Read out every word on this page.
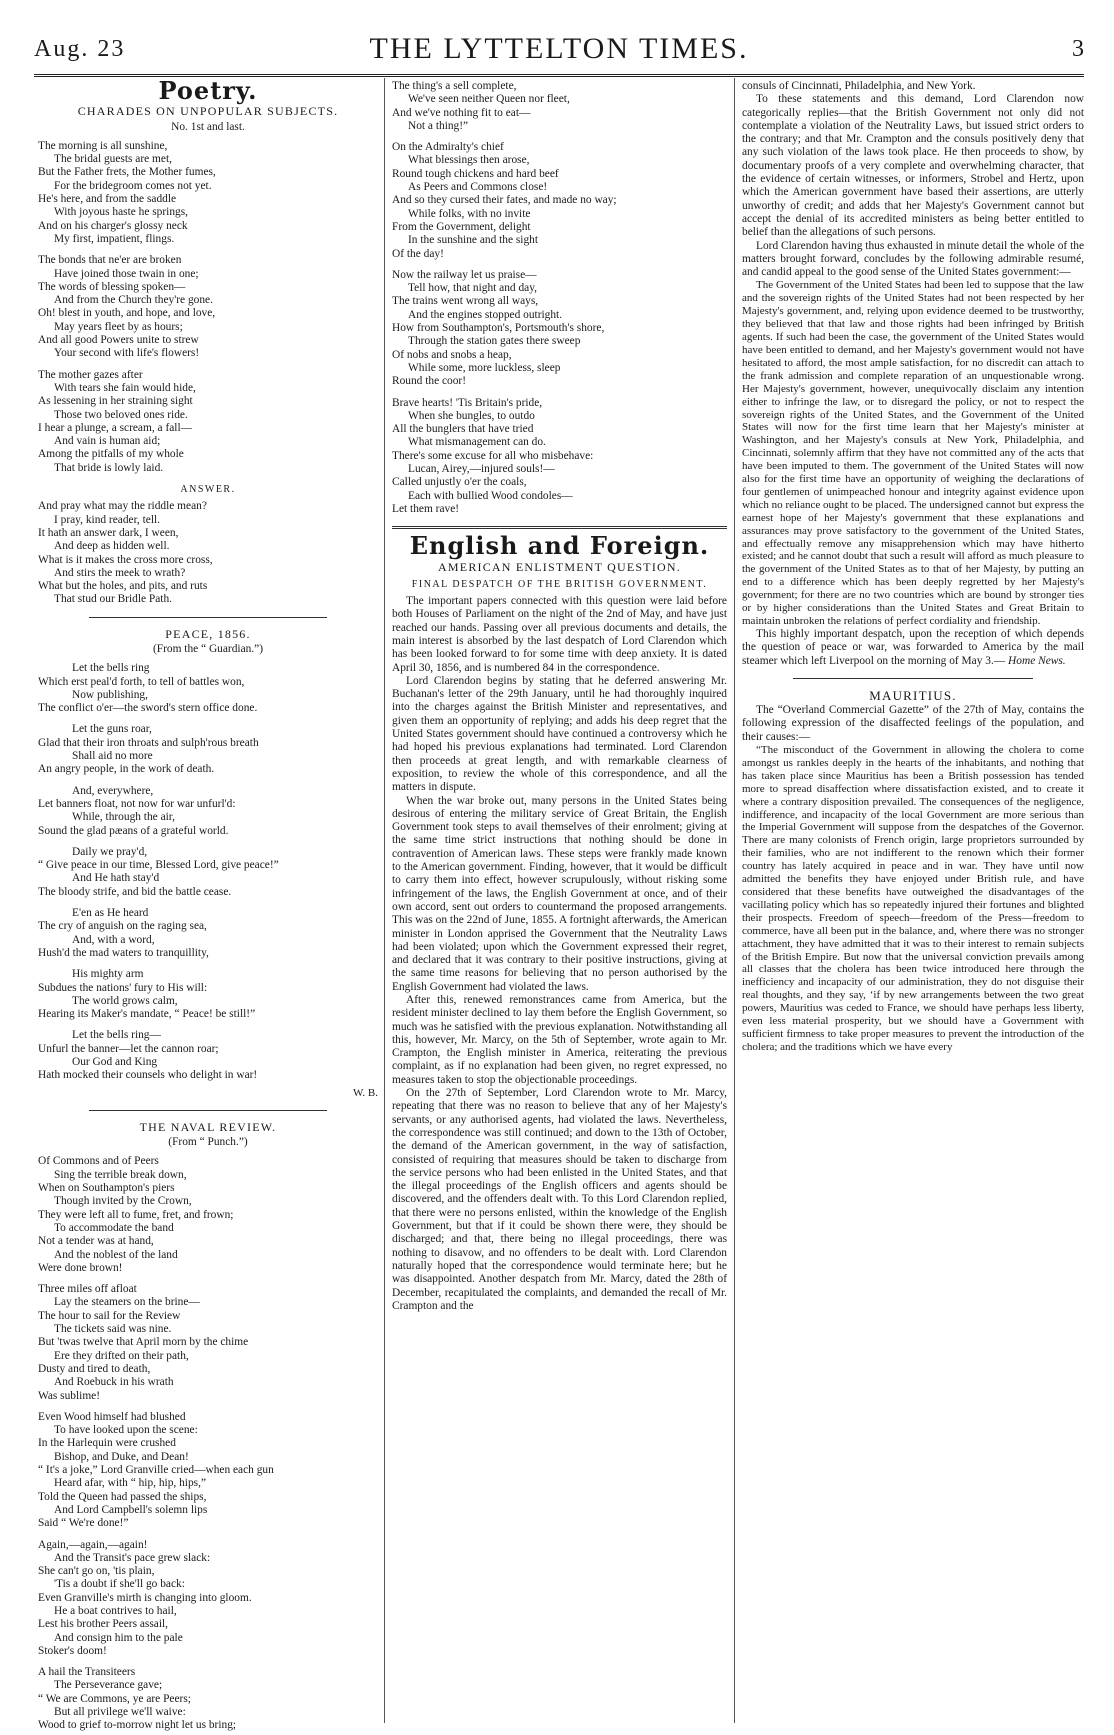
Aug. 23	THE LYTTELTON TIMES.	3
Poetry.
CHARADES ON UNPOPULAR SUBJECTS.
No. 1st and last.
The morning is all sunshine,
The bridal guests are met,
But the Father frets, the Mother fumes,
For the bridegroom comes not yet.
He's here, and from the saddle
With joyous haste he springs,
And on his charger's glossy neck
My first, impatient, flings.
The bonds that ne'er are broken
Have joined those twain in one;
The words of blessing spoken—
And from the Church they're gone.
Oh! blest in youth, and hope, and love,
May years fleet by as hours;
And all good Powers unite to strew
Your second with life's flowers!
The mother gazes after
With tears she fain would hide,
As lessening in her straining sight
Those two beloved ones ride.
I hear a plunge, a scream, a fall—
And vain is human aid;
Among the pitfalls of my whole
That bride is lowly laid.
ANSWER.
And pray what may the riddle mean?
I pray, kind reader, tell.
It hath an answer dark, I ween,
And deep as hidden well.
What is it makes the cross more cross,
And stirs the meek to wrath?
What but the holes, and pits, and ruts
That stud our Bridle Path.
PEACE, 1856.
(From the “ Guardian.”)
Let the bells ring
Which erst peal'd forth, to tell of battles won,
Now publishing,
The conflict o'er—the sword's stern office done.
Let the guns roar,
Glad that their iron throats and sulph'rous breath
Shall aid no more
An angry people, in the work of death.
And, everywhere,
Let banners float, not now for war unfurl'd:
While, through the air,
Sound the glad pæans of a grateful world.
Daily we pray'd,
“ Give peace in our time, Blessed Lord, give peace!”
And He hath stay'd
The bloody strife, and bid the battle cease.
E'en as He heard
The cry of anguish on the raging sea,
And, with a word,
Hush'd the mad waters to tranquillity,
His mighty arm
Subdues the nations' fury to His will:
The world grows calm,
Hearing its Maker's mandate, “ Peace! be still!”
Let the bells ring—
Unfurl the banner—let the cannon roar;
Our God and King
Hath mocked their counsels who delight in war!
W. B.
THE NAVAL REVIEW.
(From “ Punch.”)
Of Commons and of Peers
Sing the terrible break down,
When on Southampton's piers
Though invited by the Crown,
They were left all to fume, fret, and frown;
To accommodate the band
Not a tender was at hand,
And the noblest of the land
Were done brown!
Three miles off afloat
Lay the steamers on the brine—
The hour to sail for the Review
The tickets said was nine.
But 'twas twelve that April morn by the chime
Ere they drifted on their path,
Dusty and tired to death,
And Roebuck in his wrath
Was sublime!
Even Wood himself had blushed
To have looked upon the scene:
In the Harlequin were crushed
Bishop, and Duke, and Dean!
“ It's a joke,” Lord Granville cried—when each gun
Heard afar, with “ hip, hip, hips,”
Told the Queen had passed the ships,
And Lord Campbell's solemn lips
Said “ We're done!”
Again,—again,—again!
And the Transit's pace grew slack:
She can't go on, 'tis plain,
'Tis a doubt if she'll go back:
Even Granville's mirth is changing into gloom.
He a boat contrives to hail,
Lest his brother Peers assail,
And consign him to the pale
Stoker's doom!
A hail the Transiteers
The Perseverance gave;
“ We are Commons, ye are Peers;
But all privilege we'll waive:
Wood to grief to-morrow night let us bring;
The thing's a sell complete,
We've seen neither Queen nor fleet,
And we've nothing fit to eat—
Not a thing!”
On the Admiralty's chief
What blessings then arose,
Round tough chickens and hard beef
As Peers and Commons close!
And so they cursed their fates, and made no way;
While folks, with no invite
From the Government, delight
In the sunshine and the sight
Of the day!
Now the railway let us praise—
Tell how, that night and day,
The trains went wrong all ways,
And the engines stopped outright.
How from Southampton's, Portsmouth's shore,
Through the station gates there sweep
Of nobs and snobs a heap,
While some, more luckless, sleep
Round the coor!
Brave hearts! 'Tis Britain's pride,
When she bungles, to outdo
All the bunglers that have tried
What mismanagement can do.
There's some excuse for all who misbehave:
Lucan, Airey,—injured souls!—
Called unjustly o'er the coals,
Each with bullied Wood condoles—
Let them rave!
English and Foreign.
AMERICAN ENLISTMENT QUESTION.
FINAL DESPATCH OF THE BRITISH GOVERNMENT.

The important papers connected with this question were laid before both Houses of Parliament on the night of the 2nd of May, and have just reached our hands. Passing over all previous documents and details, the main interest is absorbed by the last despatch of Lord Clarendon which has been looked forward to for some time with deep anxiety. It is dated April 30, 1856, and is numbered 84 in the correspondence.

Lord Clarendon begins by stating that he deferred answering Mr. Buchanan's letter of the 29th January, until he had thoroughly inquired into the charges against the British Minister and representatives, and given them an opportunity of replying; and adds his deep regret that the United States government should have continued a controversy which he had hoped his previous explanations had terminated. Lord Clarendon then proceeds at great length, and with remarkable clearness of exposition, to review the whole of this correspondence, and all the matters in dispute.

When the war broke out, many persons in the United States being desirous of entering the military service of Great Britain, the English Government took steps to avail themselves of their enrolment; giving at the same time strict instructions that nothing should be done in contravention of American laws. These steps were frankly made known to the American government. Finding, however, that it would be difficult to carry them into effect, however scrupulously, without risking some infringement of the laws, the English Government at once, and of their own accord, sent out orders to countermand the proposed arrangements. This was on the 22nd of June, 1855. A fortnight afterwards, the American minister in London apprised the Government that the Neutrality Laws had been violated; upon which the Government expressed their regret, and declared that it was contrary to their positive instructions, giving at the same time reasons for believing that no person authorised by the English Government had violated the laws.

After this, renewed remonstrances came from America, but the resident minister declined to lay them before the English Government, so much was he satisfied with the previous explanation. Notwithstanding all this, however, Mr. Marcy, on the 5th of September, wrote again to Mr. Crampton, the English minister in America, reiterating the previous complaint, as if no explanation had been given, no regret expressed, no measures taken to stop the objectionable proceedings.

On the 27th of September, Lord Clarendon wrote to Mr. Marcy, repeating that there was no reason to believe that any of her Majesty's servants, or any authorised agents, had violated the laws. Nevertheless, the correspondence was still continued; and down to the 13th of October, the demand of the American government, in the way of satisfaction, consisted of requiring that measures should be taken to discharge from the service persons who had been enlisted in the United States, and that the illegal proceedings of the English officers and agents should be discovered, and the offenders dealt with. To this Lord Clarendon replied, that there were no persons enlisted, within the knowledge of the English Government, but that if it could be shown there were, they should be discharged; and that, there being no illegal proceedings, there was nothing to disavow, and no offenders to be dealt with. Lord Clarendon naturally hoped that the correspondence would terminate here; but he was disappointed. Another despatch from Mr. Marcy, dated the 28th of December, recapitulated the complaints, and demanded the recall of Mr. Crampton and the

consuls of Cincinnati, Philadelphia, and New York.

To these statements and this demand, Lord Clarendon now categorically replies—that the British Government not only did not contemplate a violation of the Neutrality Laws, but issued strict orders to the contrary; and that Mr. Crampton and the consuls positively deny that any such violation of the laws took place. He then proceeds to show, by documentary proofs of a very complete and overwhelming character, that the evidence of certain witnesses, or informers, Strobel and Hertz, upon which the American government have based their assertions, are utterly unworthy of credit; and adds that her Majesty's Government cannot but accept the denial of its accredited ministers as being better entitled to belief than the allegations of such persons.

Lord Clarendon having thus exhausted in minute detail the whole of the matters brought forward, concludes by the following admirable resumé, and candid appeal to the good sense of the United States government:—

The Government of the United States had been led to suppose that the law and the sovereign rights of the United States had not been respected by her Majesty's government, and, relying upon evidence deemed to be trustworthy, they believed that that law and those rights had been infringed by British agents. If such had been the case, the government of the United States would have been entitled to demand, and her Majesty's government would not have hesitated to afford, the most ample satisfaction, for no discredit can attach to the frank admission and complete reparation of an unquestionable wrong. Her Majesty's government, however, unequivocally disclaim any intention either to infringe the law, or to disregard the policy, or not to respect the sovereign rights of the United States, and the Government of the United States will now for the first time learn that her Majesty's minister at Washington, and her Majesty's consuls at New York, Philadelphia, and Cincinnati, solemnly affirm that they have not committed any of the acts that have been imputed to them. The government of the United States will now also for the first time have an opportunity of weighing the declarations of four gentlemen of unimpeached honour and integrity against evidence upon which no reliance ought to be placed. The undersigned cannot but express the earnest hope of her Majesty's government that these explanations and assurances may prove satisfactory to the government of the United States, and effectually remove any misapprehension which may have hitherto existed; and he cannot doubt that such a result will afford as much pleasure to the government of the United States as to that of her Majesty, by putting an end to a difference which has been deeply regretted by her Majesty's government; for there are no two countries which are bound by stronger ties or by higher considerations than the United States and Great Britain to maintain unbroken the relations of perfect cordiality and friendship.

This highly important despatch, upon the reception of which depends the question of peace or war, was forwarded to America by the mail steamer which left Liverpool on the morning of May 3.— Home News.

MAURITIUS.

The “Overland Commercial Gazette” of the 27th of May, contains the following expression of the disaffected feelings of the population, and their causes:—

“The misconduct of the Government in allowing the cholera to come amongst us rankles deeply in the hearts of the inhabitants, and nothing that has taken place since Mauritius has been a British possession has tended more to spread disaffection where dissatisfaction existed, and to create it where a contrary disposition prevailed. The consequences of the negligence, indifference, and incapacity of the local Government are more serious than the Imperial Government will suppose from the despatches of the Governor. There are many colonists of French origin, large proprietors surrounded by their families, who are not indifferent to the renown which their former country has lately acquired in peace and in war. They have until now admitted the benefits they have enjoyed under British rule, and have considered that these benefits have outweighed the disadvantages of the vacillating policy which has so repeatedly injured their fortunes and blighted their prospects. Freedom of speech—freedom of the Press—freedom to commerce, have all been put in the balance, and, where there was no stronger attachment, they have admitted that it was to their interest to remain subjects of the British Empire. But now that the universal conviction prevails among all classes that the cholera has been twice introduced here through the inefficiency and incapacity of our administration, they do not disguise their real thoughts, and they say, ‘if by new arrangements between the two great powers, Mauritius was ceded to France, we should have perhaps less liberty, even less material prosperity, but we should have a Government with sufficient firmness to take proper measures to prevent the introduction of the cholera; and the traditions which we have every
